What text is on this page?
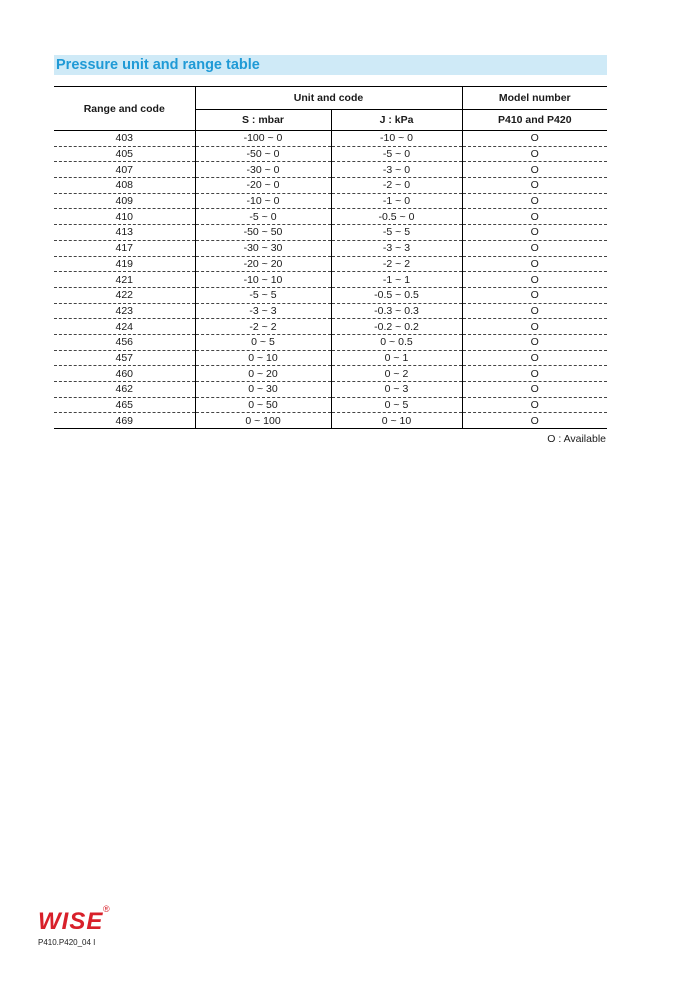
Pressure unit and range table
Range and code	Unit and code		Model number
	S : mbar	J : kPa	P410 and P420
403	-100 ~ 0	-10 ~ 0	O
405	-50 ~ 0	-5 ~ 0	O
407	-30 ~ 0	-3 ~ 0	O
408	-20 ~ 0	-2 ~ 0	O
409	-10 ~ 0	-1 ~ 0	O
410	-5 ~ 0	-0.5 ~ 0	O
413	-50 ~ 50	-5 ~ 5	O
417	-30 ~ 30	-3 ~ 3	O
419	-20 ~ 20	-2 ~ 2	O
421	-10 ~ 10	-1 ~ 1	O
422	-5 ~ 5	-0.5 ~ 0.5	O
423	-3 ~ 3	-0.3 ~ 0.3	O
424	-2 ~ 2	-0.2 ~ 0.2	O
456	0 ~ 5	0 ~ 0.5	O
457	0 ~ 10	0 ~ 1	O
460	0 ~ 20	0 ~ 2	O
462	0 ~ 30	0 ~ 3	O
465	0 ~ 50	0 ~ 5	O
469	0 ~ 100	0 ~ 10	O
O : Available
WISE ®
P410.P420_04 I
